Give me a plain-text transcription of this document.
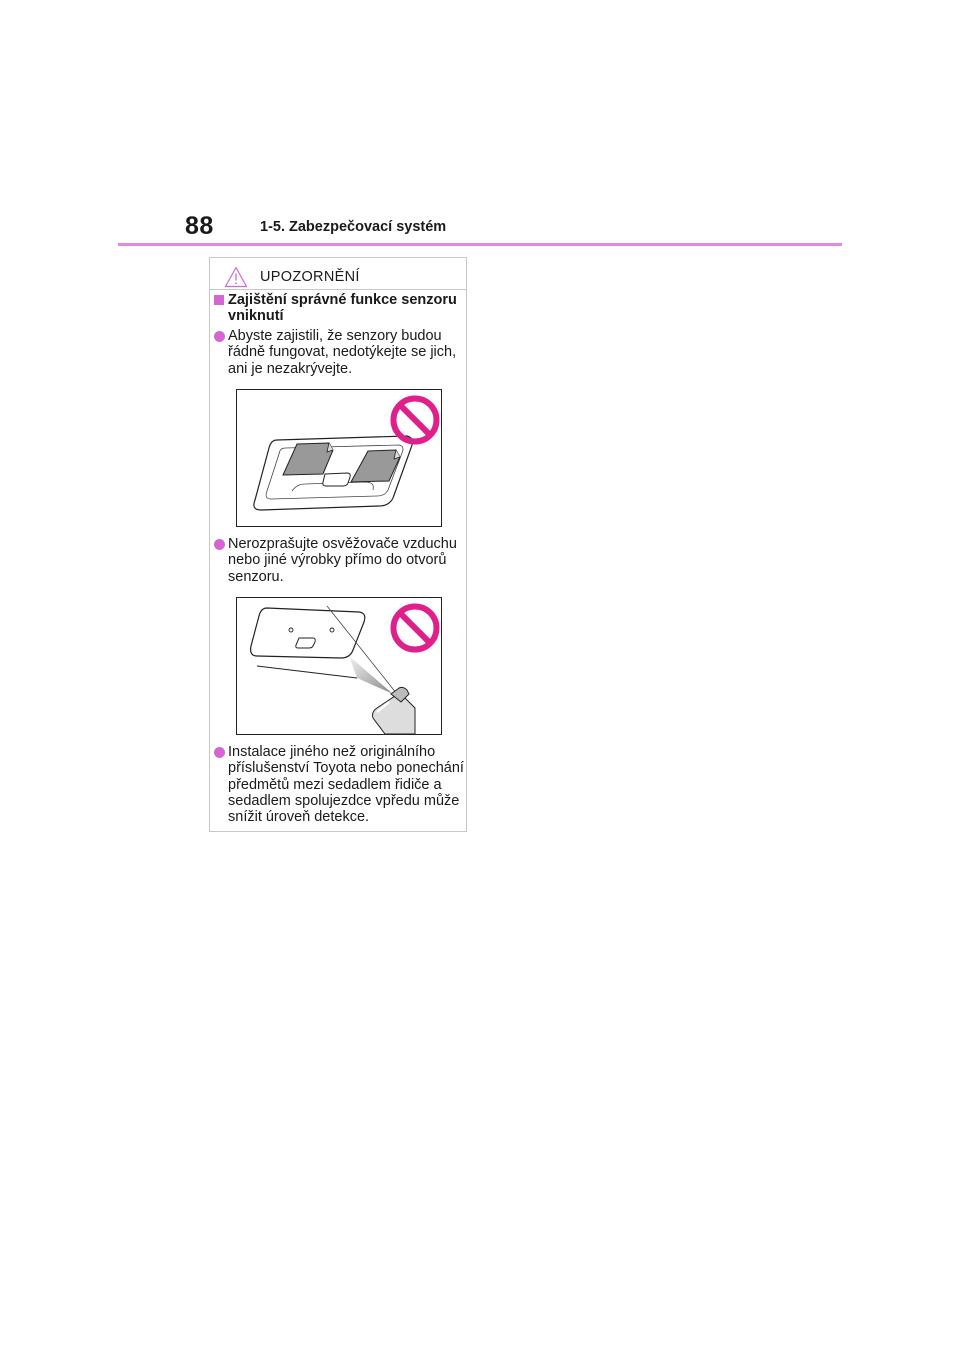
88	1-5. Zabezpečovací systém
UPOZORNĚNÍ
Zajištění správné funkce senzoru vniknutí
Abyste zajistili, že senzory budou řádně fungovat, nedotýkejte se jich, ani je nezakrývejte.
Nerozprašujte osvěžovače vzduchu nebo jiné výrobky přímo do otvorů senzoru.
Instalace jiného než originálního příslušenství Toyota nebo ponechání předmětů mezi sedadlem řidiče a sedadlem spolujezdce vpředu může snížit úroveň detekce.
